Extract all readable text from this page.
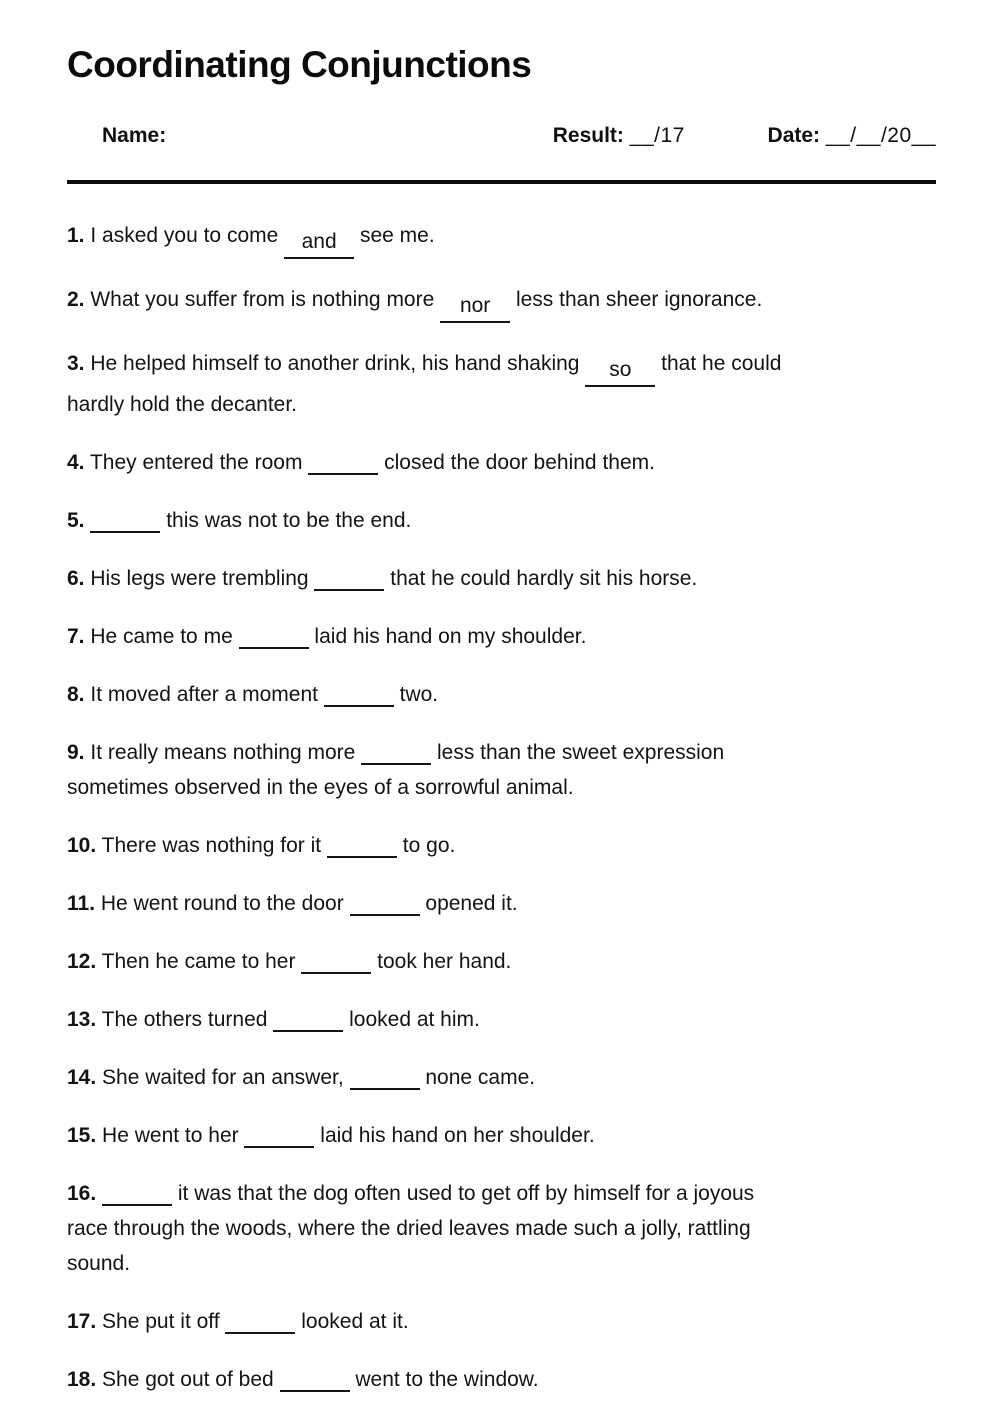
Coordinating Conjunctions

Name:
	Result: __/17
	Date: __/__/20__

1. I asked you to come and see me.

2. What you suffer from is nothing more nor less than sheer ignorance.

3. He helped himself to another drink, his hand shaking so that he could
hardly hold the decanter.

4. They entered the room	closed the door behind them.

5.	this was not to be the end.

6. His legs were trembling	that he could hardly sit his horse.

7. He came to me	laid his hand on my shoulder.

8. It moved after a moment	two.

9. It really means nothing more	less than the sweet expression
sometimes observed in the eyes of a sorrowful animal.

10. There was nothing for it	to go.

11. He went round to the door	opened it.

12. Then he came to her	took her hand.

13. The others turned	looked at him.

14. She waited for an answer,	none came.

15. He went to her	laid his hand on her shoulder.

16.	it was that the dog often used to get off by himself for a joyous
race through the woods, where the dried leaves made such a jolly, rattling
sound.

17. She put it off	looked at it.

18. She got out of bed	went to the window.
